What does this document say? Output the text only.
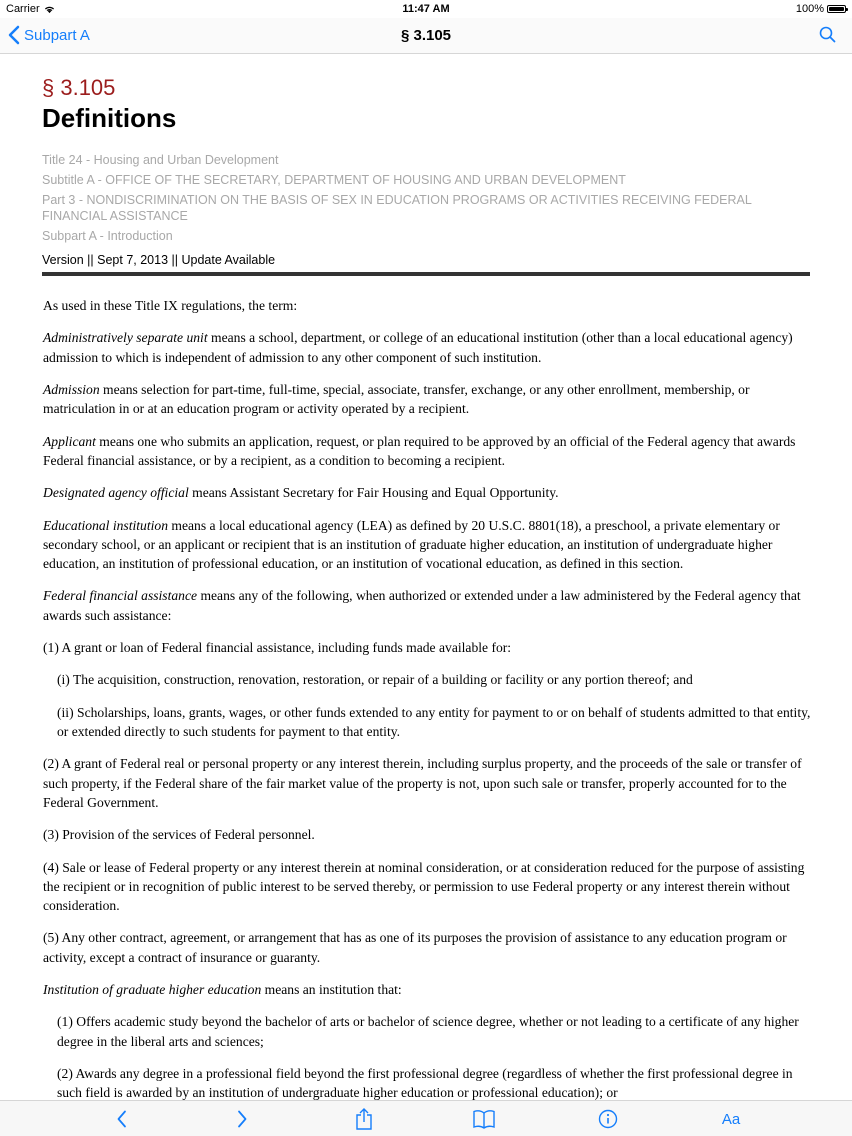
Carrier	11:47 AM	100%
Subpart A	§ 3.105
§ 3.105
Definitions
Title 24 - Housing and Urban Development
Subtitle A - OFFICE OF THE SECRETARY, DEPARTMENT OF HOUSING AND URBAN DEVELOPMENT
Part 3 - NONDISCRIMINATION ON THE BASIS OF SEX IN EDUCATION PROGRAMS OR ACTIVITIES RECEIVING FEDERAL FINANCIAL ASSISTANCE
Subpart A - Introduction
Version || Sept 7, 2013 || Update Available

As used in these Title IX regulations, the term:

Administratively separate unit means a school, department, or college of an educational institution (other than a local educational agency) admission to which is independent of admission to any other component of such institution.

Admission means selection for part-time, full-time, special, associate, transfer, exchange, or any other enrollment, membership, or matriculation in or at an education program or activity operated by a recipient.

Applicant means one who submits an application, request, or plan required to be approved by an official of the Federal agency that awards Federal financial assistance, or by a recipient, as a condition to becoming a recipient.

Designated agency official means Assistant Secretary for Fair Housing and Equal Opportunity.

Educational institution means a local educational agency (LEA) as defined by 20 U.S.C. 8801(18), a preschool, a private elementary or secondary school, or an applicant or recipient that is an institution of graduate higher education, an institution of undergraduate higher education, an institution of professional education, or an institution of vocational education, as defined in this section.

Federal financial assistance means any of the following, when authorized or extended under a law administered by the Federal agency that awards such assistance:

(1) A grant or loan of Federal financial assistance, including funds made available for:

(i) The acquisition, construction, renovation, restoration, or repair of a building or facility or any portion thereof; and

(ii) Scholarships, loans, grants, wages, or other funds extended to any entity for payment to or on behalf of students admitted to that entity, or extended directly to such students for payment to that entity.

(2) A grant of Federal real or personal property or any interest therein, including surplus property, and the proceeds of the sale or transfer of such property, if the Federal share of the fair market value of the property is not, upon such sale or transfer, properly accounted for to the Federal Government.

(3) Provision of the services of Federal personnel.

(4) Sale or lease of Federal property or any interest therein at nominal consideration, or at consideration reduced for the purpose of assisting the recipient or in recognition of public interest to be served thereby, or permission to use Federal property or any interest therein without consideration.

(5) Any other contract, agreement, or arrangement that has as one of its purposes the provision of assistance to any education program or activity, except a contract of insurance or guaranty.

Institution of graduate higher education means an institution that:

(1) Offers academic study beyond the bachelor of arts or bachelor of science degree, whether or not leading to a certificate of any higher degree in the liberal arts and sciences;

(2) Awards any degree in a professional field beyond the first professional degree (regardless of whether the first professional degree in such field is awarded by an institution of undergraduate higher education or professional education); or

Aa
